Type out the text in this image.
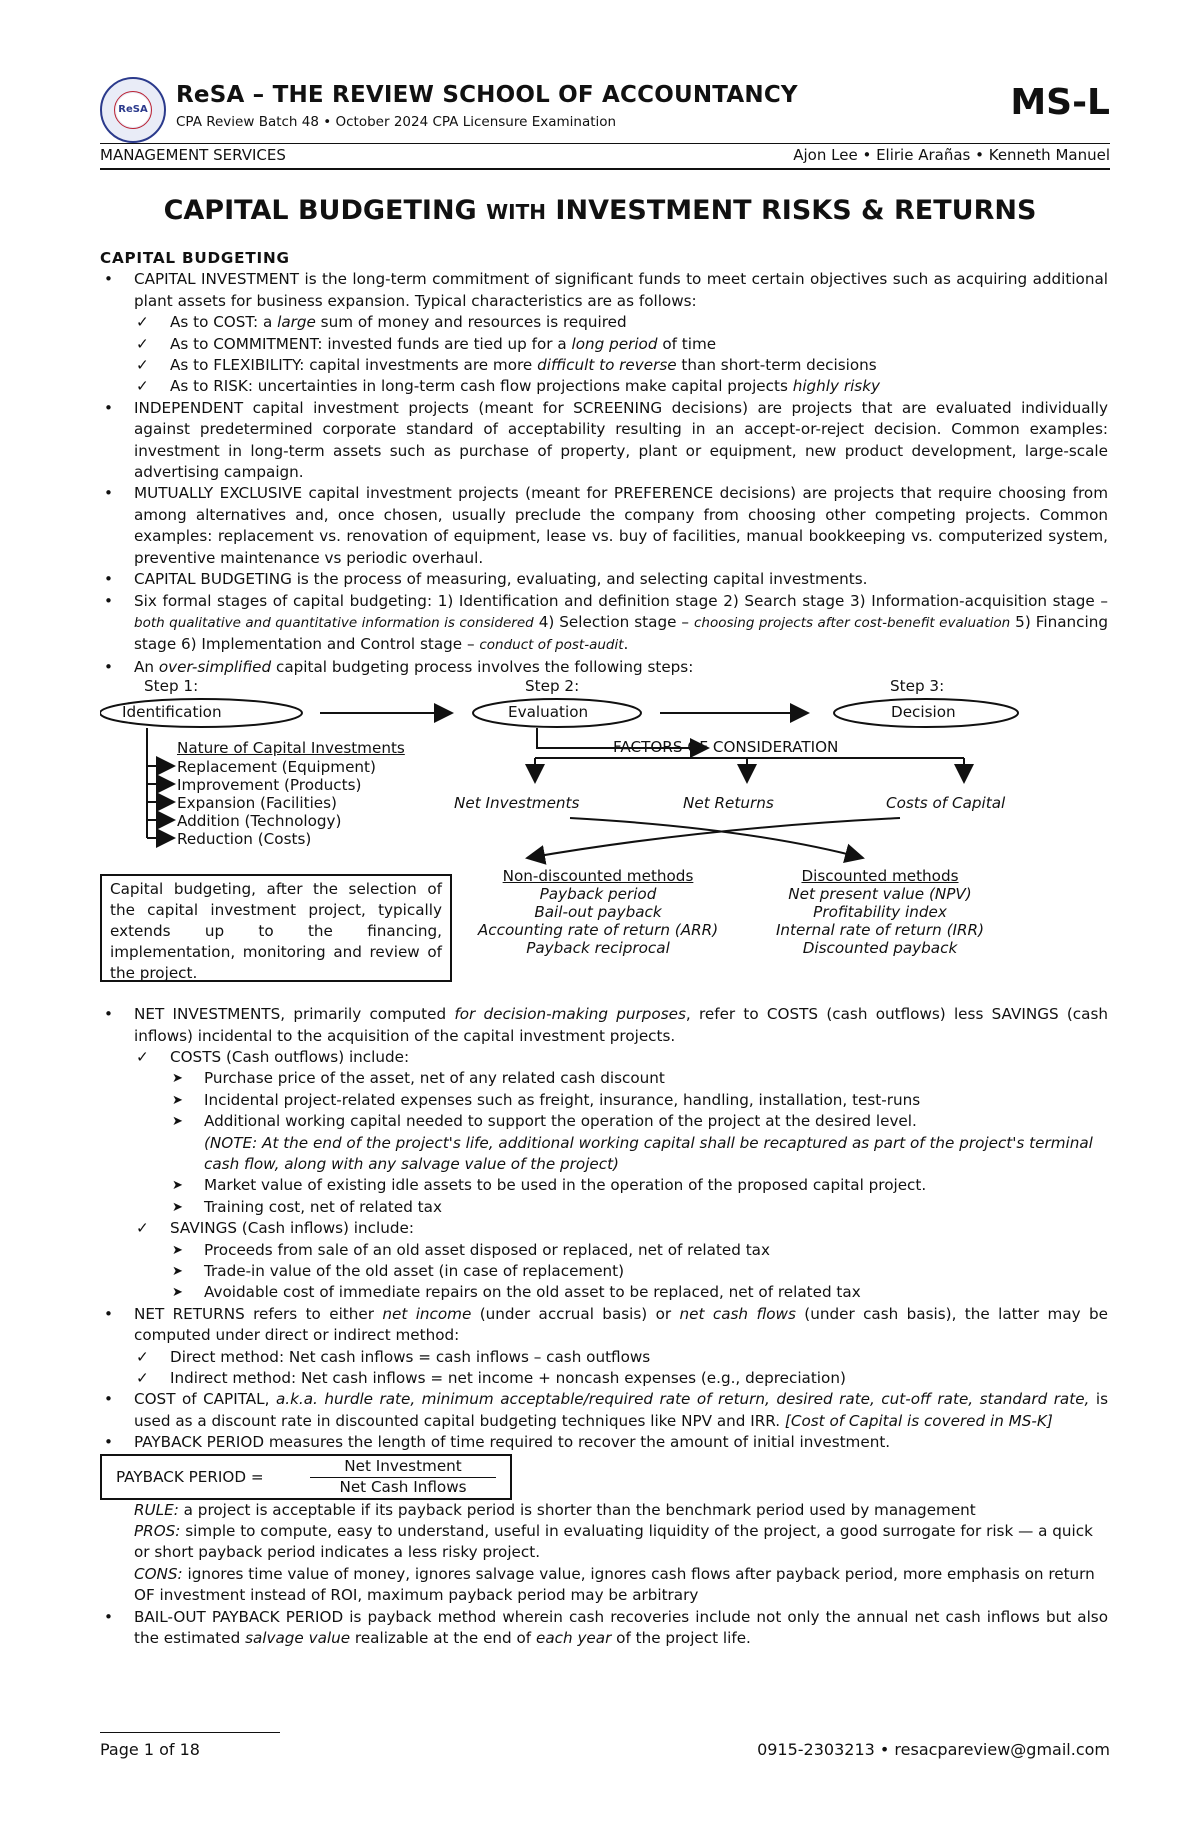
ReSA
ReSA – THE REVIEW SCHOOL OF ACCOUNTANCY
CPA Review Batch 48 • October 2024 CPA Licensure Examination	MS-L
MANAGEMENT SERVICES	Ajon Lee • Elirie Arañas • Kenneth Manuel
CAPITAL BUDGETING WITH INVESTMENT RISKS & RETURNS
CAPITAL BUDGETING
• CAPITAL INVESTMENT is the long-term commitment of significant funds to meet certain objectives such as acquiring additional plant assets for business expansion. Typical characteristics are as follows:
✓ As to COST: a large sum of money and resources is required
✓ As to COMMITMENT: invested funds are tied up for a long period of time
✓ As to FLEXIBILITY: capital investments are more difficult to reverse than short-term decisions
✓ As to RISK: uncertainties in long-term cash flow projections make capital projects highly risky
• INDEPENDENT capital investment projects (meant for SCREENING decisions) are projects that are evaluated individually against predetermined corporate standard of acceptability resulting in an accept-or-reject decision. Common examples: investment in long-term assets such as purchase of property, plant or equipment, new product development, large-scale advertising campaign.
• MUTUALLY EXCLUSIVE capital investment projects (meant for PREFERENCE decisions) are projects that require choosing from among alternatives and, once chosen, usually preclude the company from choosing other competing projects. Common examples: replacement vs. renovation of equipment, lease vs. buy of facilities, manual bookkeeping vs. computerized system, preventive maintenance vs periodic overhaul.
• CAPITAL BUDGETING is the process of measuring, evaluating, and selecting capital investments.
• Six formal stages of capital budgeting: 1) Identification and definition stage 2) Search stage 3) Information-acquisition stage – both qualitative and quantitative information is considered 4) Selection stage – choosing projects after cost-benefit evaluation 5) Financing stage 6) Implementation and Control stage – conduct of post-audit.
• An over-simplified capital budgeting process involves the following steps:
Step 1:	Step 2:	Step 3:
Identification	Evaluation	Decision
Nature of Capital Investments
Replacement (Equipment)
Improvement (Products)
Expansion (Facilities)
Addition (Technology)
Reduction (Costs)
FACTORS OF CONSIDERATION
Net Investments	Net Returns	Costs of Capital
Capital budgeting, after the selection of the capital investment project, typically extends up to the financing, implementation, monitoring and review of the project.
Non-discounted methods
Payback period
Bail-out payback
Accounting rate of return (ARR)
Payback reciprocal
Discounted methods
Net present value (NPV)
Profitability index
Internal rate of return (IRR)
Discounted payback
• NET INVESTMENTS, primarily computed for decision-making purposes, refer to COSTS (cash outflows) less SAVINGS (cash inflows) incidental to the acquisition of the capital investment projects.
✓ COSTS (Cash outflows) include:
➤ Purchase price of the asset, net of any related cash discount
➤ Incidental project-related expenses such as freight, insurance, handling, installation, test-runs
➤ Additional working capital needed to support the operation of the project at the desired level.
(NOTE: At the end of the project's life, additional working capital shall be recaptured as part of the project's terminal cash flow, along with any salvage value of the project)
➤ Market value of existing idle assets to be used in the operation of the proposed capital project.
➤ Training cost, net of related tax
✓ SAVINGS (Cash inflows) include:
➤ Proceeds from sale of an old asset disposed or replaced, net of related tax
➤ Trade-in value of the old asset (in case of replacement)
➤ Avoidable cost of immediate repairs on the old asset to be replaced, net of related tax
• NET RETURNS refers to either net income (under accrual basis) or net cash flows (under cash basis), the latter may be computed under direct or indirect method:
✓ Direct method: Net cash inflows = cash inflows – cash outflows
✓ Indirect method: Net cash inflows = net income + noncash expenses (e.g., depreciation)
• COST of CAPITAL, a.k.a. hurdle rate, minimum acceptable/required rate of return, desired rate, cut-off rate, standard rate, is used as a discount rate in discounted capital budgeting techniques like NPV and IRR. [Cost of Capital is covered in MS-K]
• PAYBACK PERIOD measures the length of time required to recover the amount of initial investment.
PAYBACK PERIOD =
Net Investment
Net Cash Inflows
RULE: a project is acceptable if its payback period is shorter than the benchmark period used by management
PROS: simple to compute, easy to understand, useful in evaluating liquidity of the project, a good surrogate for risk — a quick or short payback period indicates a less risky project.
CONS: ignores time value of money, ignores salvage value, ignores cash flows after payback period, more emphasis on return OF investment instead of ROI, maximum payback period may be arbitrary
• BAIL-OUT PAYBACK PERIOD is payback method wherein cash recoveries include not only the annual net cash inflows but also the estimated salvage value realizable at the end of each year of the project life.
Page 1 of 18	0915-2303213 • resacpareview@gmail.com
